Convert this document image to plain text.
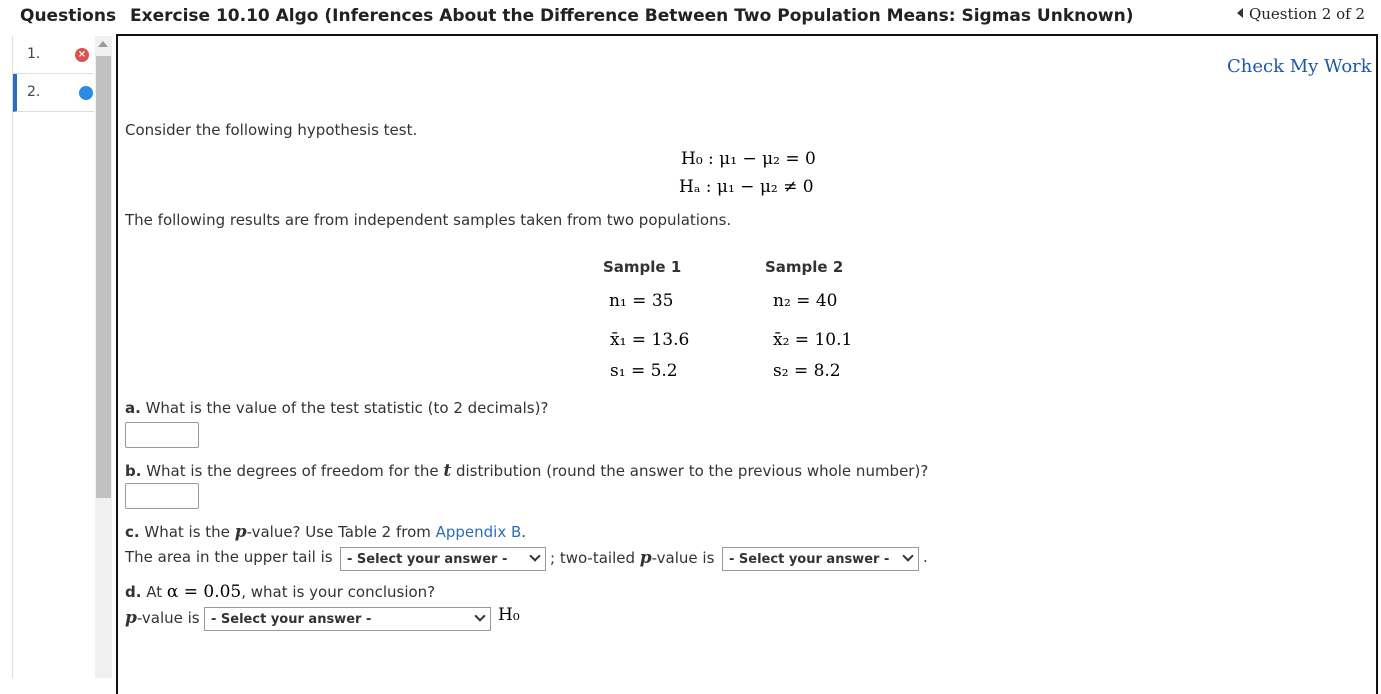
Questions
1.	×
2.
Exercise 10.10 Algo (Inferences About the Difference Between Two Population Means: Sigmas Unknown)	Question 2 of 2
Check My Work
Consider the following hypothesis test.
H₀ : μ₁ − μ₂ = 0
Hₐ : μ₁ − μ₂ ≠ 0
The following results are from independent samples taken from two populations.
Sample 1	Sample 2
n₁ = 35	n₂ = 40
x̄₁ = 13.6	x̄₂ = 10.1
s₁ = 5.2	s₂ = 8.2
a. What is the value of the test statistic (to 2 decimals)?
b. What is the degrees of freedom for the t distribution (round the answer to the previous whole number)?
c. What is the p-value? Use Table 2 from Appendix B.
The area in the upper tail is - Select your answer -	; two-tailed p-value is - Select your answer - .
d. At α = 0.05, what is your conclusion?
p-value is - Select your answer -	H₀
